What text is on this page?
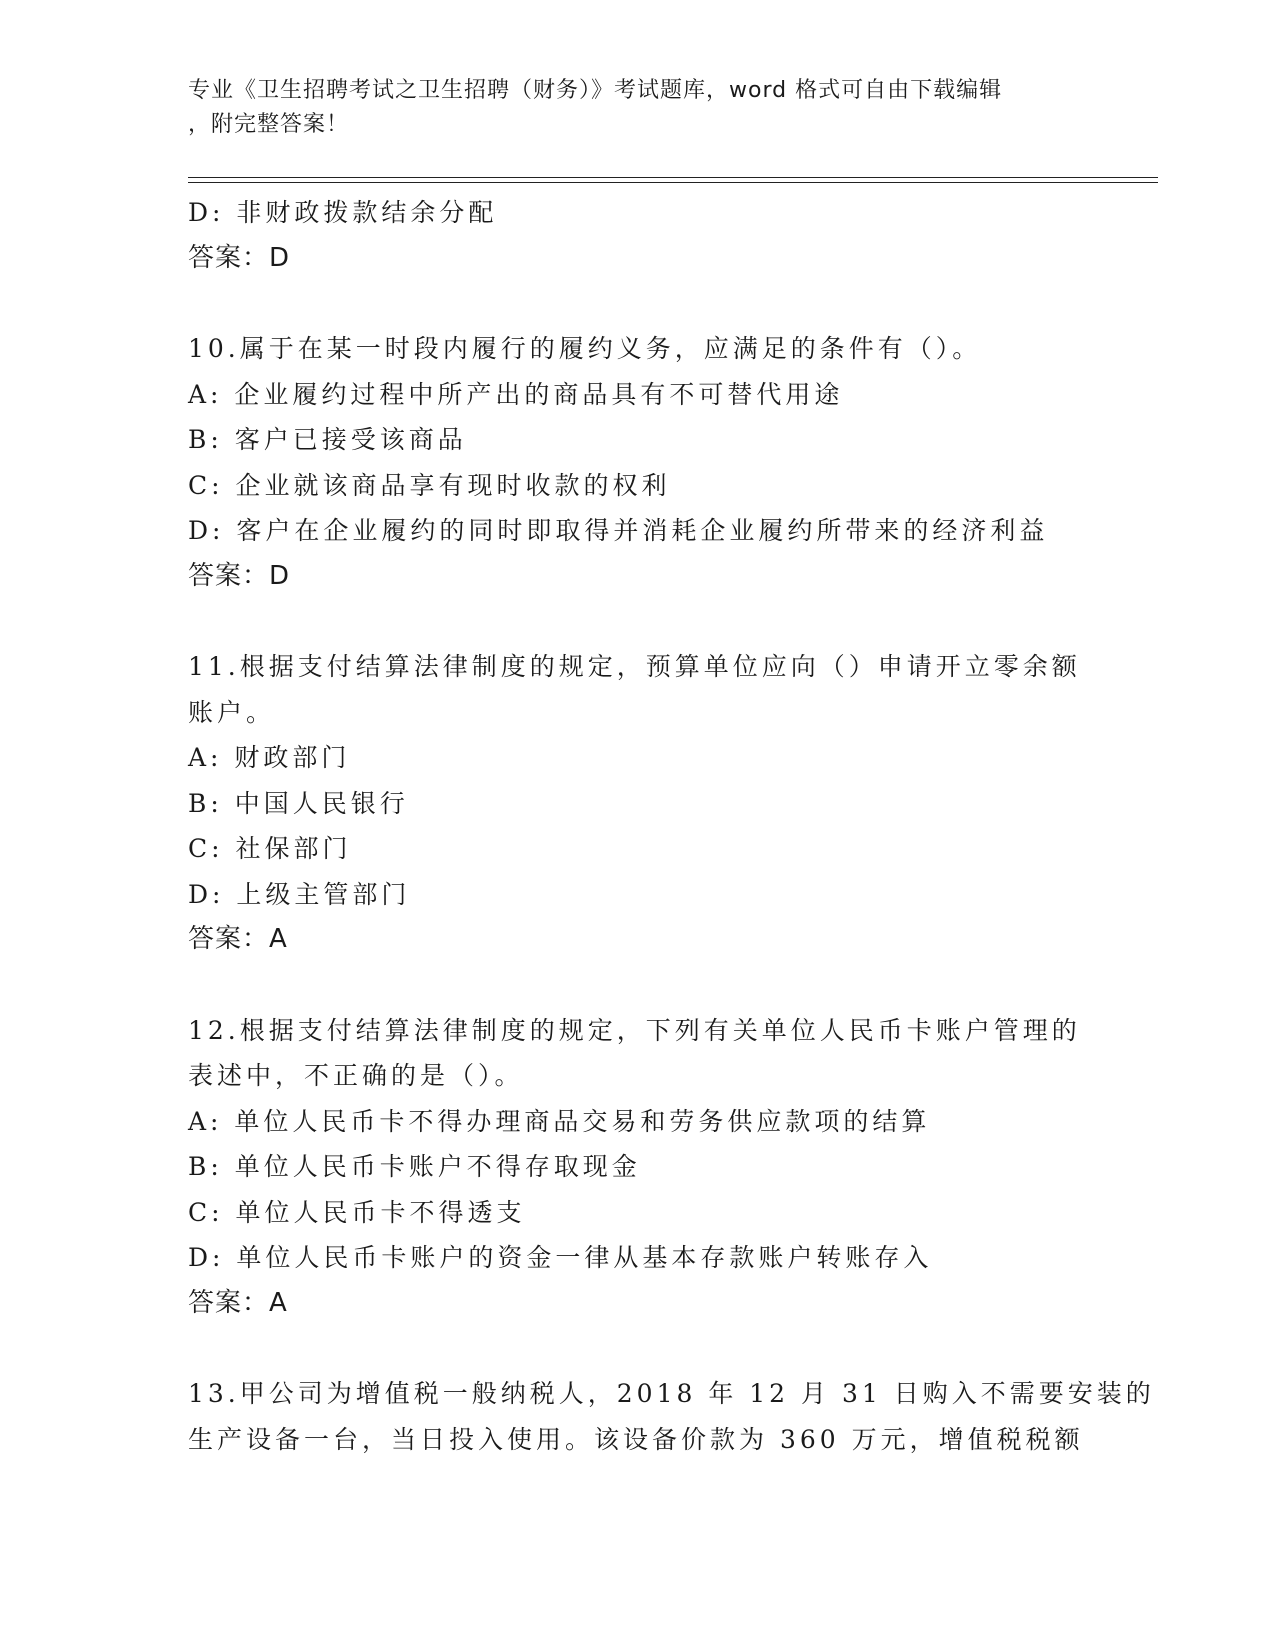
专业《卫生招聘考试之卫生招聘（财务）》考试题库，word 格式可自由下载编辑
，附完整答案！
D: 非财政拨款结余分配
答案：D
10.属于在某一时段内履行的履约义务，应满足的条件有（）。
A: 企业履约过程中所产出的商品具有不可替代用途
B: 客户已接受该商品
C: 企业就该商品享有现时收款的权利
D: 客户在企业履约的同时即取得并消耗企业履约所带来的经济利益
答案：D
11.根据支付结算法律制度的规定，预算单位应向（）申请开立零余额
账户。
A: 财政部门
B: 中国人民银行
C: 社保部门
D: 上级主管部门
答案：A
12.根据支付结算法律制度的规定，下列有关单位人民币卡账户管理的
表述中，不正确的是（）。
A: 单位人民币卡不得办理商品交易和劳务供应款项的结算
B: 单位人民币卡账户不得存取现金
C: 单位人民币卡不得透支
D: 单位人民币卡账户的资金一律从基本存款账户转账存入
答案：A
13.甲公司为增值税一般纳税人，2018 年 12 月 31 日购入不需要安装的
生产设备一台，当日投入使用。该设备价款为 360 万元，增值税税额
